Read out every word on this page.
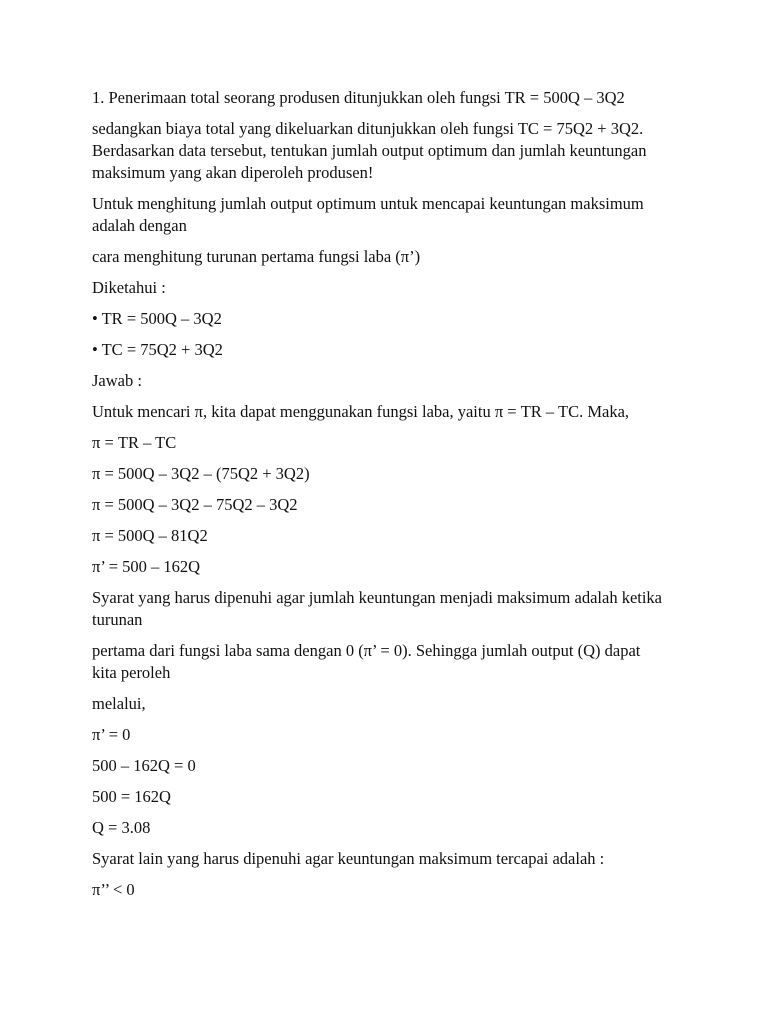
1. Penerimaan total seorang produsen ditunjukkan oleh fungsi TR = 500Q – 3Q2

sedangkan biaya total yang dikeluarkan ditunjukkan oleh fungsi TC = 75Q2 + 3Q2. Berdasarkan data tersebut, tentukan jumlah output optimum dan jumlah keuntungan maksimum yang akan diperoleh produsen!

Untuk menghitung jumlah output optimum untuk mencapai keuntungan maksimum adalah dengan

cara menghitung turunan pertama fungsi laba (π’)

Diketahui :

• TR = 500Q – 3Q2

• TC = 75Q2 + 3Q2

Jawab :

Untuk mencari π, kita dapat menggunakan fungsi laba, yaitu π = TR – TC. Maka,

π = TR – TC

π = 500Q – 3Q2 – (75Q2 + 3Q2)

π = 500Q – 3Q2 – 75Q2 – 3Q2

π = 500Q – 81Q2

π’ = 500 – 162Q

Syarat yang harus dipenuhi agar jumlah keuntungan menjadi maksimum adalah ketika turunan

pertama dari fungsi laba sama dengan 0 (π’ = 0). Sehingga jumlah output (Q) dapat kita peroleh

melalui,

π’ = 0

500 – 162Q = 0

500 = 162Q

Q = 3.08

Syarat lain yang harus dipenuhi agar keuntungan maksimum tercapai adalah :

π’’ < 0
